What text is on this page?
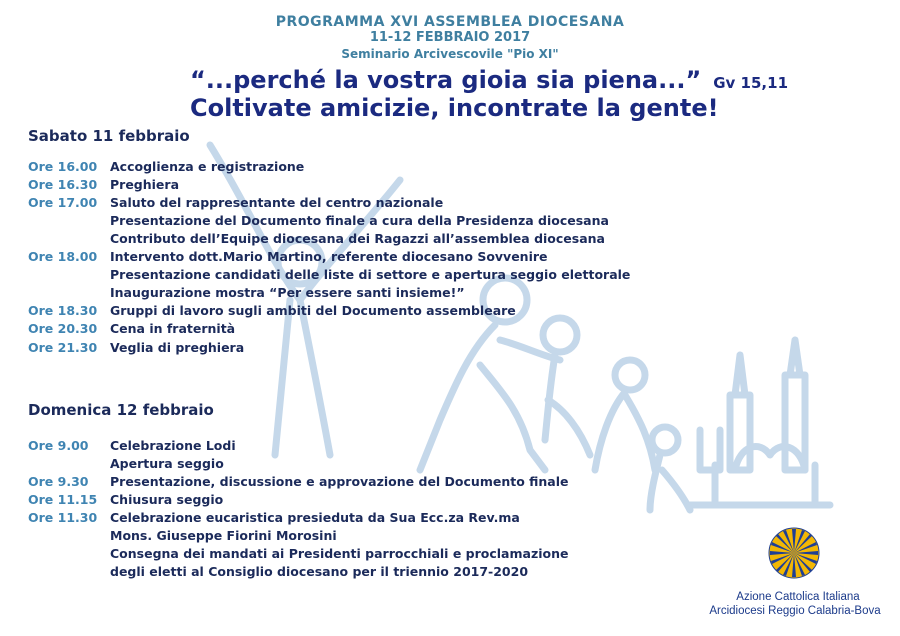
PROGRAMMA XVI ASSEMBLEA DIOCESANA
11-12 FEBBRAIO 2017
Seminario Arcivescovile "Pio XI"
“...perché la vostra gioia sia piena...” Gv 15,11
Coltivate amicizie, incontrate la gente!
Sabato 11 febbraio
Ore 16.00	Accoglienza e registrazione
Ore 16.30	Preghiera
Ore 17.00	Saluto del rappresentante del centro nazionale
Presentazione del Documento finale a cura della Presidenza diocesana
Contributo dell’Equipe diocesana dei Ragazzi all’assemblea diocesana
Ore 18.00	Intervento dott.Mario Martino, referente diocesano Sovvenire
Presentazione candidati delle liste di settore e apertura seggio elettorale
Inaugurazione mostra “Per essere santi insieme!”
Ore 18.30	Gruppi di lavoro sugli ambiti del Documento assembleare
Ore 20.30	Cena in fraternità
Ore 21.30	Veglia di preghiera
Domenica 12 febbraio
Ore 9.00	Celebrazione Lodi
Apertura seggio
Ore 9.30	Presentazione, discussione e approvazione del Documento finale
Ore 11.15	Chiusura seggio
Ore 11.30	Celebrazione eucaristica presieduta da Sua Ecc.za Rev.ma
Mons. Giuseppe Fiorini Morosini
Consegna dei mandati ai Presidenti parrocchiali e proclamazione
degli eletti al Consiglio diocesano per il triennio 2017-2020
Azione Cattolica Italiana
Arcidiocesi Reggio Calabria-Bova
